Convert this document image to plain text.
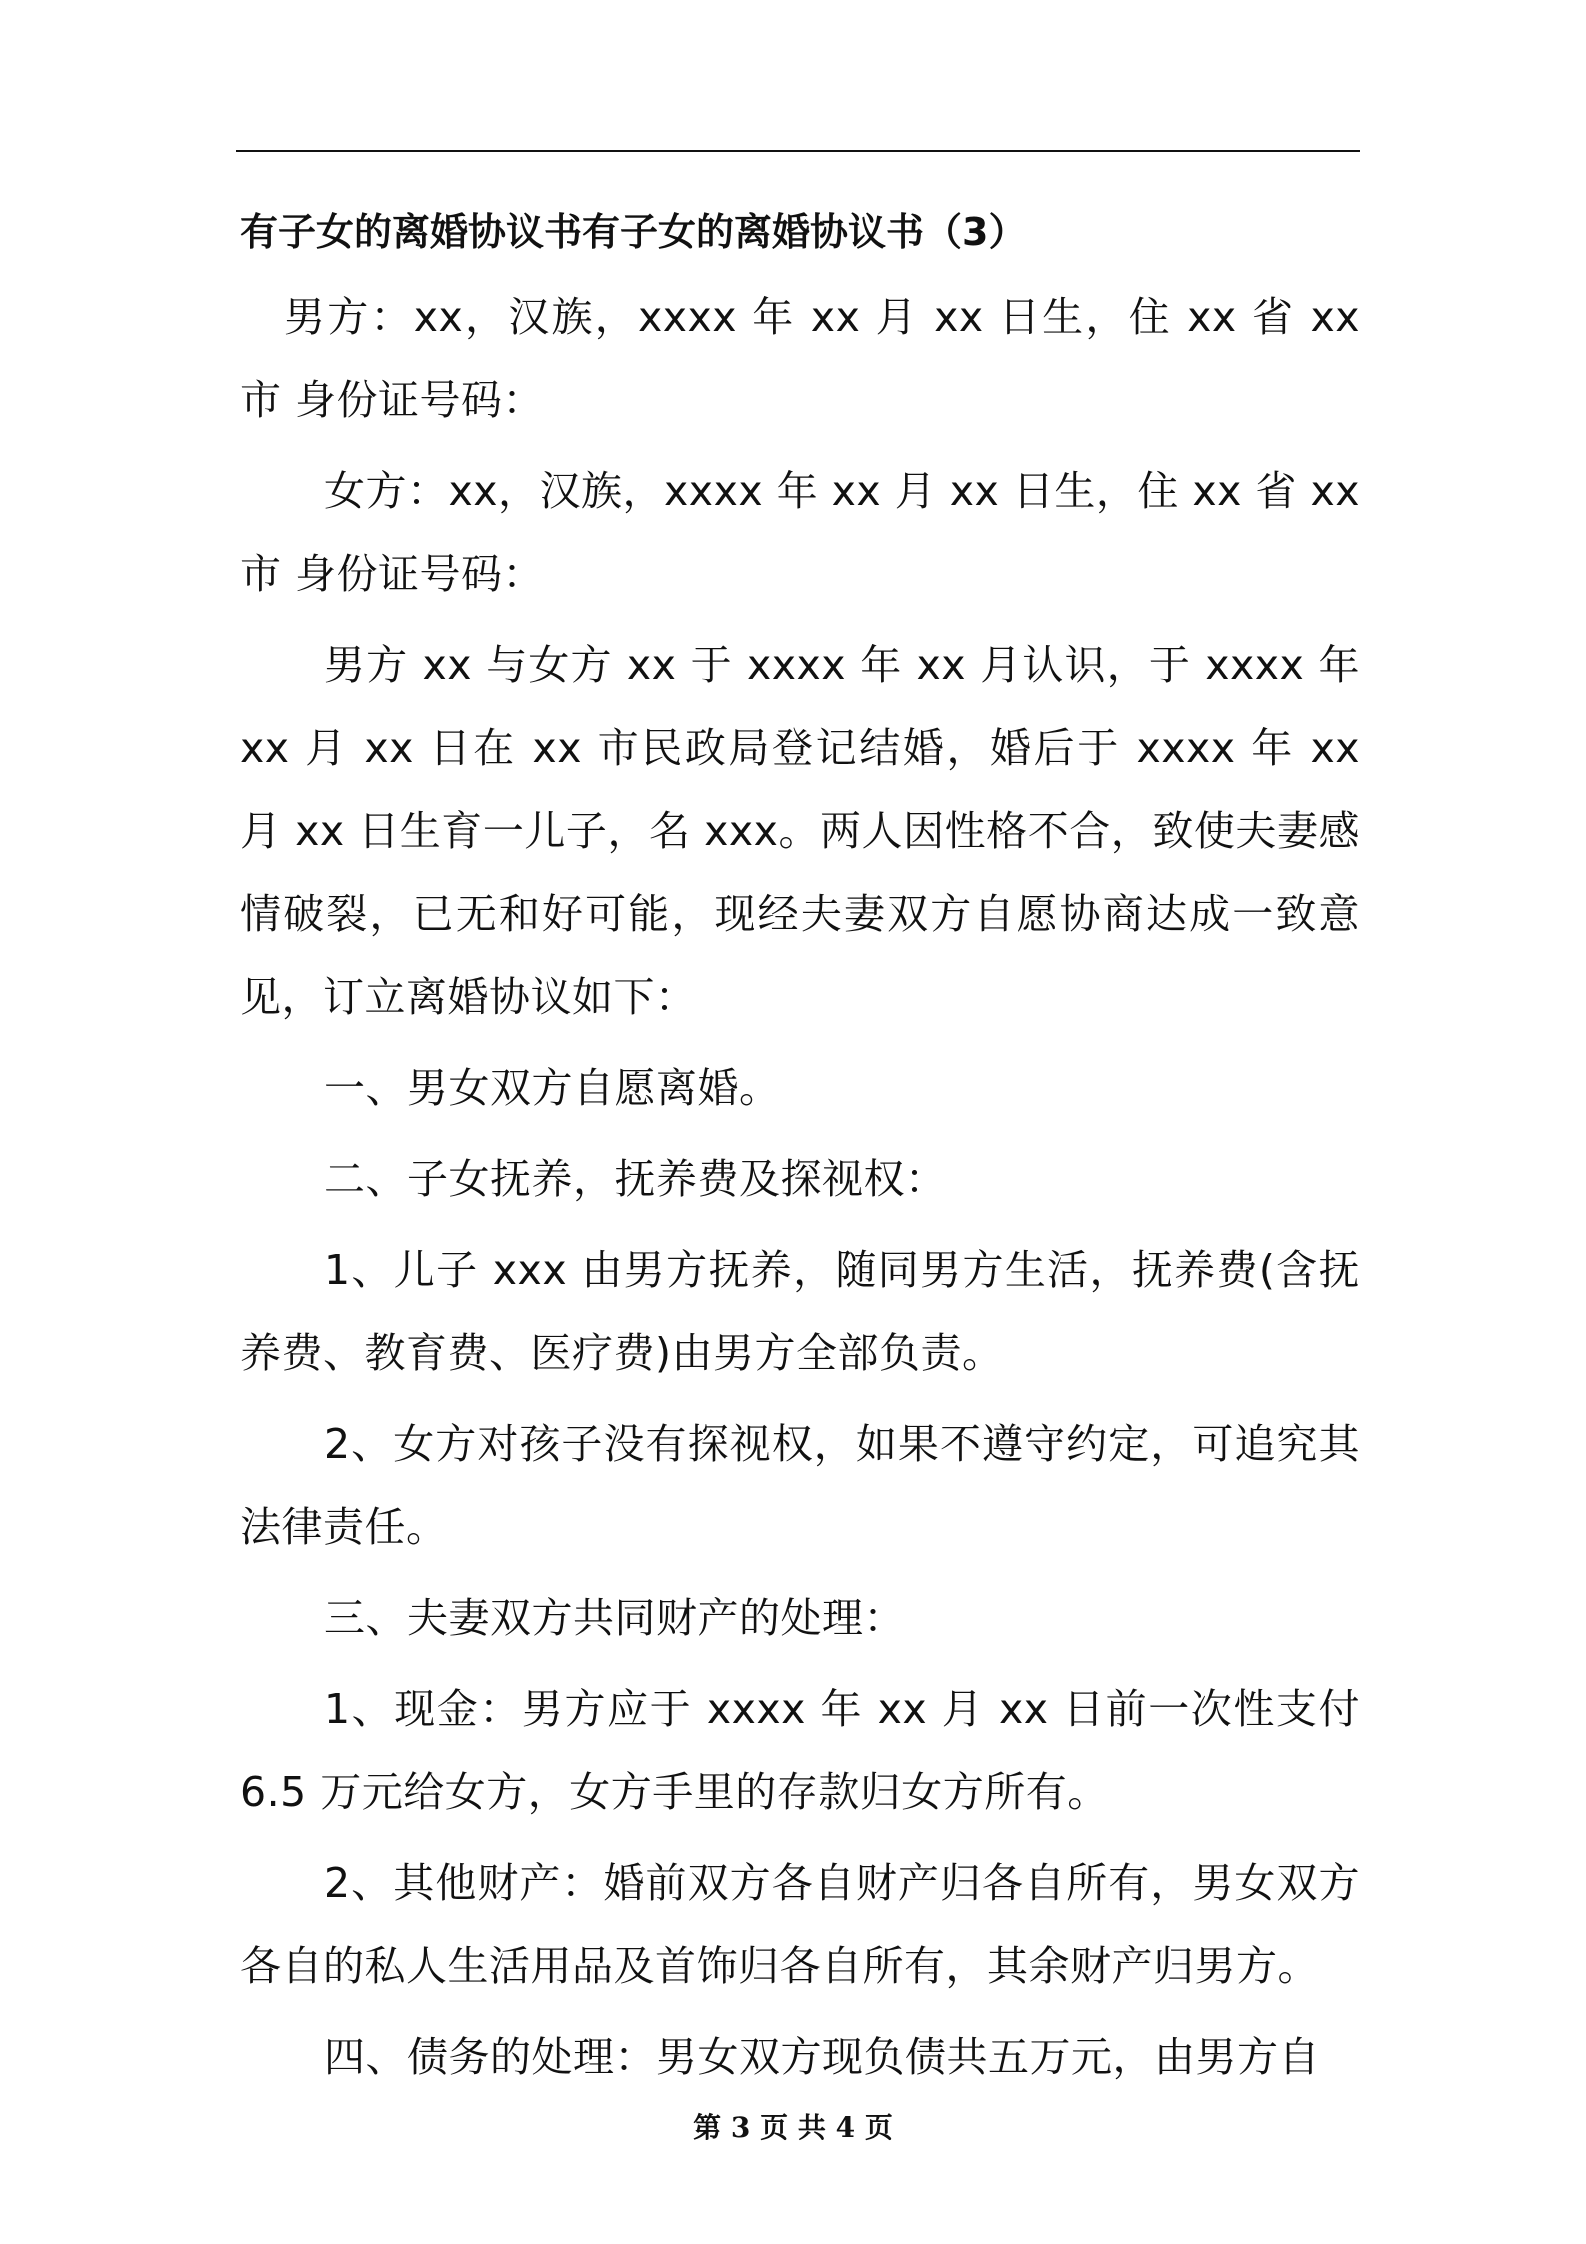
有子女的离婚协议书有子女的离婚协议书（3）

男方：xx，汉族，xxxx 年 xx 月 xx 日生，住 xx 省 xx 市 身份证号码：

女方：xx，汉族，xxxx 年 xx 月 xx 日生，住 xx 省 xx 市 身份证号码：

男方 xx 与女方 xx 于 xxxx 年 xx 月认识，于 xxxx 年 xx 月 xx 日在 xx 市民政局登记结婚，婚后于 xxxx 年 xx 月 xx 日生育一儿子，名 xxx。两人因性格不合，致使夫妻感情破裂，已无和好可能，现经夫妻双方自愿协商达成一致意见，订立离婚协议如下：

一、男女双方自愿离婚。

二、子女抚养，抚养费及探视权：

1、儿子 xxx 由男方抚养，随同男方生活，抚养费(含抚养费、教育费、医疗费)由男方全部负责。

2、女方对孩子没有探视权，如果不遵守约定，可追究其法律责任。

三、夫妻双方共同财产的处理：

1、现金：男方应于 xxxx 年 xx 月 xx 日前一次性支付 6.5 万元给女方，女方手里的存款归女方所有。

2、其他财产：婚前双方各自财产归各自所有，男女双方各自的私人生活用品及首饰归各自所有，其余财产归男方。

四、债务的处理：男女双方现负债共五万元，由男方自

第 3 页 共 4 页
